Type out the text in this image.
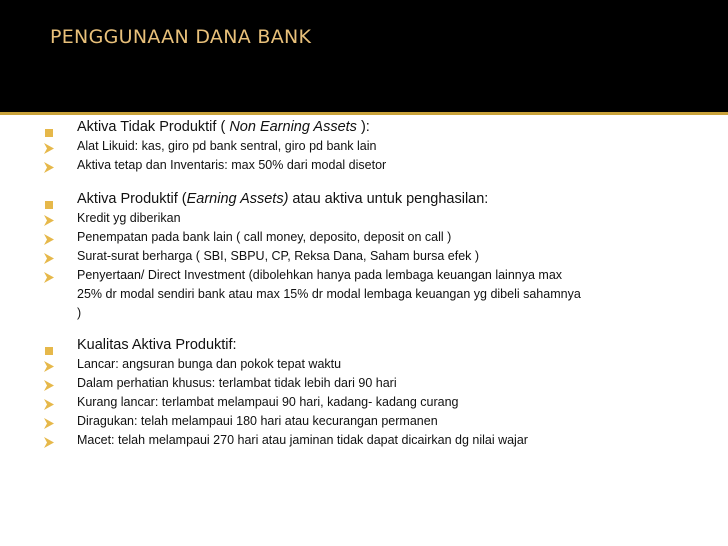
PENGGUNAAN DANA BANK
Aktiva Tidak Produktif ( Non Earning Assets ):
Alat Likuid: kas, giro pd bank sentral, giro pd bank lain
Aktiva tetap dan Inventaris: max 50% dari modal disetor
Aktiva Produktif (Earning Assets) atau aktiva untuk penghasilan:
Kredit yg diberikan
Penempatan pada bank lain ( call money, deposito, deposit on call )
Surat-surat berharga ( SBI, SBPU, CP, Reksa Dana, Saham bursa efek )
Penyertaan/ Direct Investment (dibolehkan hanya pada lembaga keuangan lainnya max
25% dr modal sendiri bank atau max 15% dr modal lembaga keuangan yg dibeli sahamnya
)
Kualitas Aktiva Produktif:
Lancar: angsuran bunga dan pokok tepat waktu
Dalam perhatian khusus: terlambat tidak lebih dari 90 hari
Kurang lancar: terlambat melampaui 90 hari, kadang- kadang curang
Diragukan: telah melampaui 180 hari atau kecurangan permanen
Macet: telah melampaui 270 hari atau jaminan tidak dapat dicairkan dg nilai wajar
